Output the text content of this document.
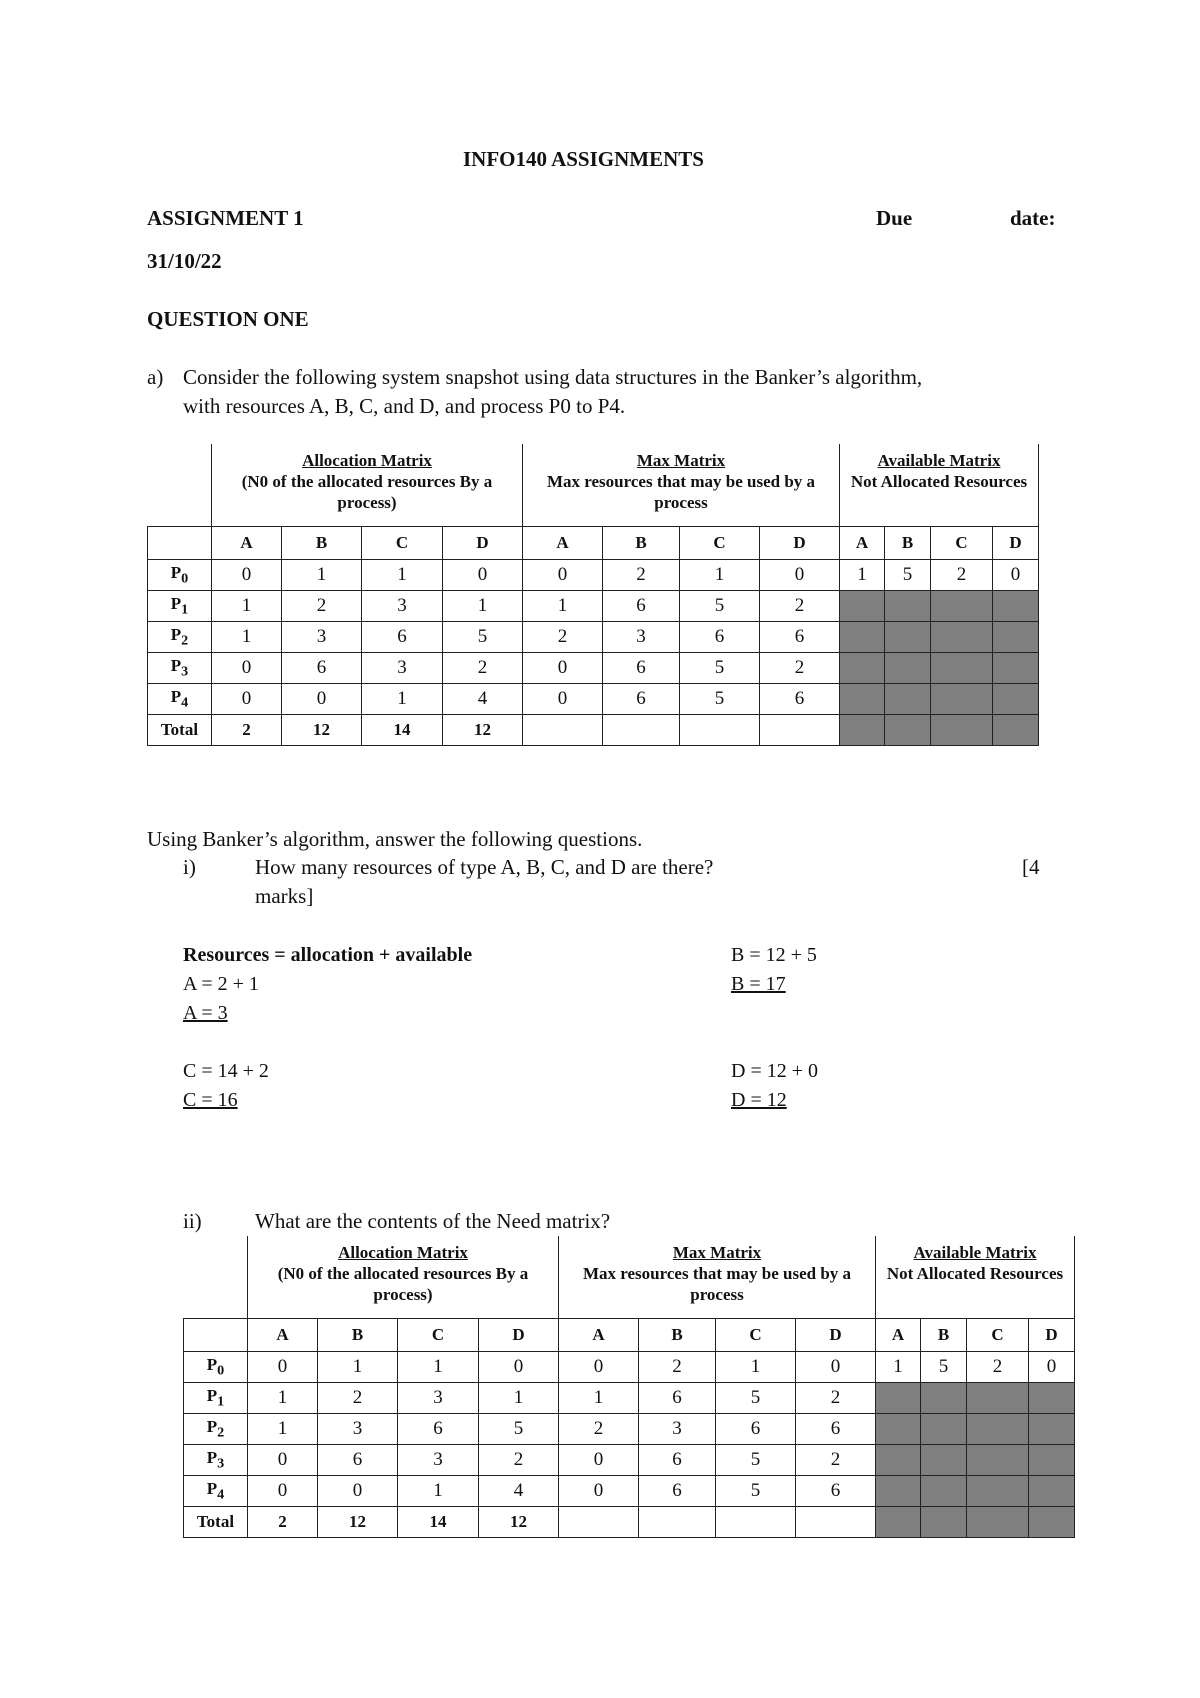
INFO140 ASSIGNMENTS
ASSIGNMENT 1	Due	date:
31/10/22
QUESTION ONE
a) Consider the following system snapshot using data structures in the Banker’s algorithm,
with resources A, B, C, and D, and process P0 to P4.
	Allocation Matrix
(N0 of the allocated resources By a process)				Max Matrix
Max resources that may be used by a process				Available Matrix
Not Allocated Resources			
	A	B	C	D	A	B	C	D	A	B	C	D
$P_0$	0	1	1	0	0	2	1	0	1	5	2	0
$P_1$	1	2	3	1	1	6	5	2				
$P_2$	1	3	6	5	2	3	6	6				
$P_3$	0	6	3	2	0	6	5	2				
$P_4$	0	0	1	4	0	6	5	6				
Total	2	12	14	12								
Using Banker’s algorithm, answer the following questions.
i)	How many resources of type A, B, C, and D are there?	[4
marks]
Resources = allocation + available
A = 2 + 1
A = 3
B = 12 + 5
B = 17
C = 14 + 2
C = 16
D = 12 + 0
D = 12
ii)	What are the contents of the Need matrix?
	Allocation Matrix
(N0 of the allocated resources By a process)				Max Matrix
Max resources that may be used by a process				Available Matrix
Not Allocated Resources			
	A	B	C	D	A	B	C	D	A	B	C	D
$P_0$	0	1	1	0	0	2	1	0	1	5	2	0
$P_1$	1	2	3	1	1	6	5	2				
$P_2$	1	3	6	5	2	3	6	6				
$P_3$	0	6	3	2	0	6	5	2				
$P_4$	0	0	1	4	0	6	5	6				
Total	2	12	14	12								
